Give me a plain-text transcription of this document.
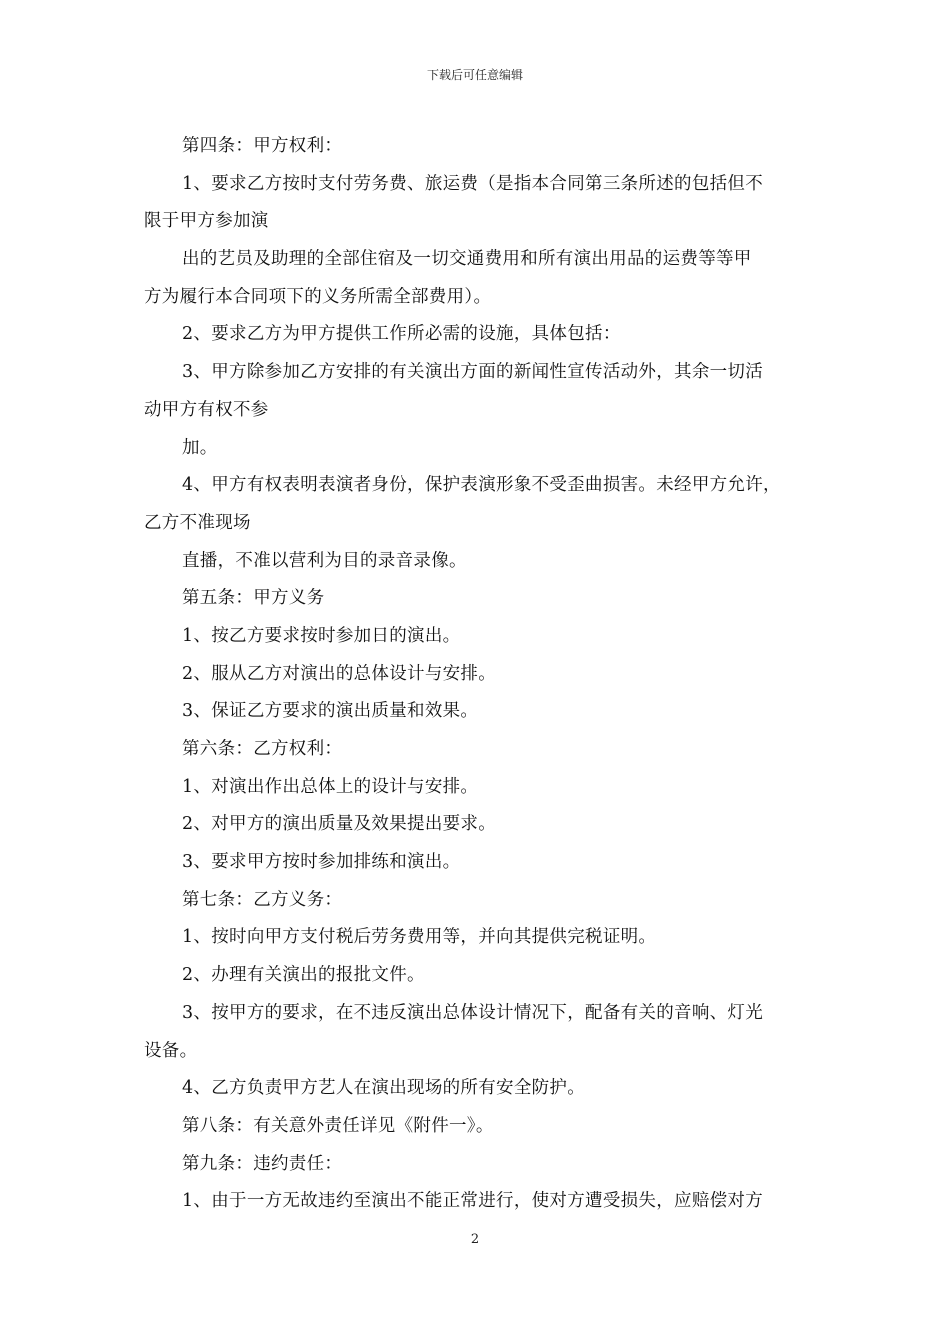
下载后可任意编辑
第四条：甲方权利：
1、要求乙方按时支付劳务费、旅运费（是指本合同第三条所述的包括但不
限于甲方参加演
出的艺员及助理的全部住宿及一切交通费用和所有演出用品的运费等等甲
方为履行本合同项下的义务所需全部费用）。
2、要求乙方为甲方提供工作所必需的设施，具体包括：
3、甲方除参加乙方安排的有关演出方面的新闻性宣传活动外，其余一切活
动甲方有权不参
加。
4、甲方有权表明表演者身份，保护表演形象不受歪曲损害。未经甲方允许，
乙方不准现场
直播，不准以营利为目的录音录像。
第五条：甲方义务
1、按乙方要求按时参加日的演出。
2、服从乙方对演出的总体设计与安排。
3、保证乙方要求的演出质量和效果。
第六条：乙方权利：
1、对演出作出总体上的设计与安排。
2、对甲方的演出质量及效果提出要求。
3、要求甲方按时参加排练和演出。
第七条：乙方义务：
1、按时向甲方支付税后劳务费用等，并向其提供完税证明。
2、办理有关演出的报批文件。
3、按甲方的要求，在不违反演出总体设计情况下，配备有关的音响、灯光
设备。
4、乙方负责甲方艺人在演出现场的所有安全防护。
第八条：有关意外责任详见《附件一》。
第九条：违约责任：
1、由于一方无故违约至演出不能正常进行，使对方遭受损失，应赔偿对方
2
